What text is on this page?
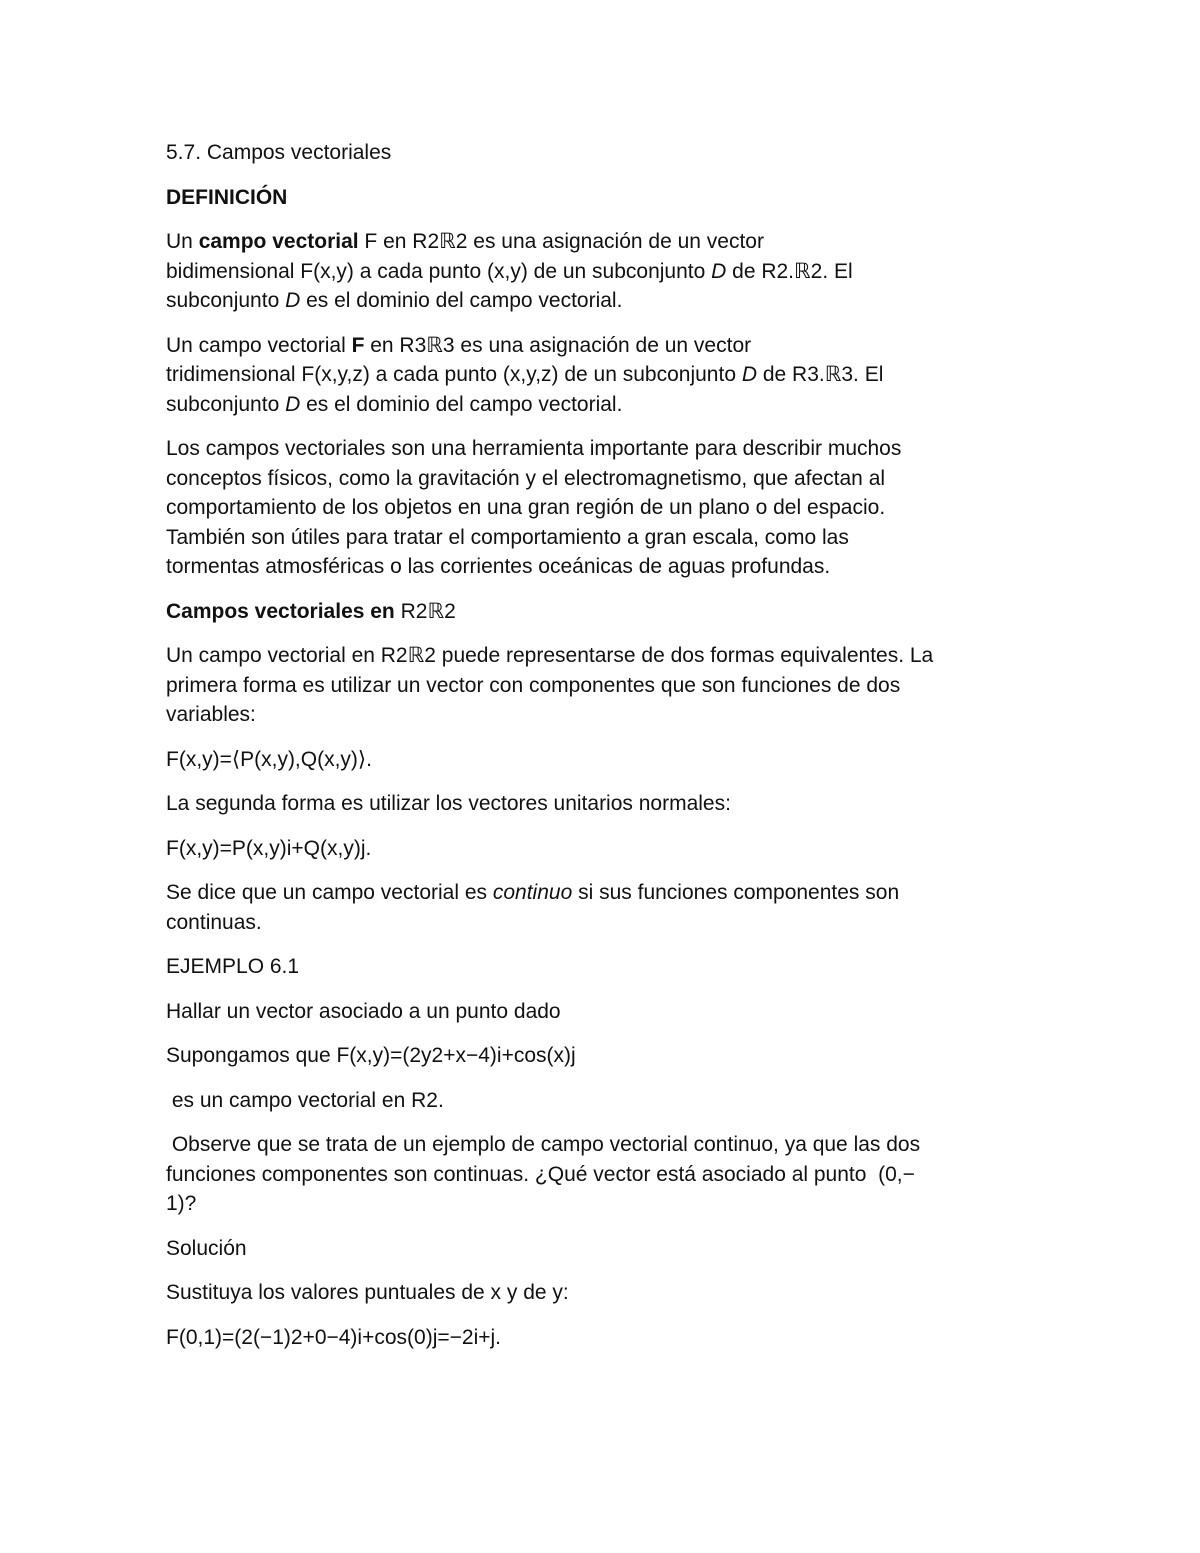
5.7. Campos vectoriales

DEFINICIÓN

Un campo vectorial F en R2ℝ2 es una asignación de un vector
bidimensional F(x,y) a cada punto (x,y) de un subconjunto D de R2.ℝ2. El
subconjunto D es el dominio del campo vectorial.

Un campo vectorial F en R3ℝ3 es una asignación de un vector
tridimensional F(x,y,z) a cada punto (x,y,z) de un subconjunto D de R3.ℝ3. El
subconjunto D es el dominio del campo vectorial.

Los campos vectoriales son una herramienta importante para describir muchos
conceptos físicos, como la gravitación y el electromagnetismo, que afectan al
comportamiento de los objetos en una gran región de un plano o del espacio.
También son útiles para tratar el comportamiento a gran escala, como las
tormentas atmosféricas o las corrientes oceánicas de aguas profundas.

Campos vectoriales en R2ℝ2

Un campo vectorial en R2ℝ2 puede representarse de dos formas equivalentes. La
primera forma es utilizar un vector con componentes que son funciones de dos
variables:

F(x,y)=⟨P(x,y),Q(x,y)⟩.

La segunda forma es utilizar los vectores unitarios normales:

F(x,y)=P(x,y)i+Q(x,y)j.

Se dice que un campo vectorial es continuo si sus funciones componentes son
continuas.

EJEMPLO 6.1

Hallar un vector asociado a un punto dado

Supongamos que F(x,y)=(2y2+x−4)i+cos(x)j

es un campo vectorial en R2.

Observe que se trata de un ejemplo de campo vectorial continuo, ya que las dos
funciones componentes son continuas. ¿Qué vector está asociado al punto  (0,−
1)?

Solución

Sustituya los valores puntuales de x y de y:

F(0,1)=(2(−1)2+0−4)i+cos(0)j=−2i+j.
